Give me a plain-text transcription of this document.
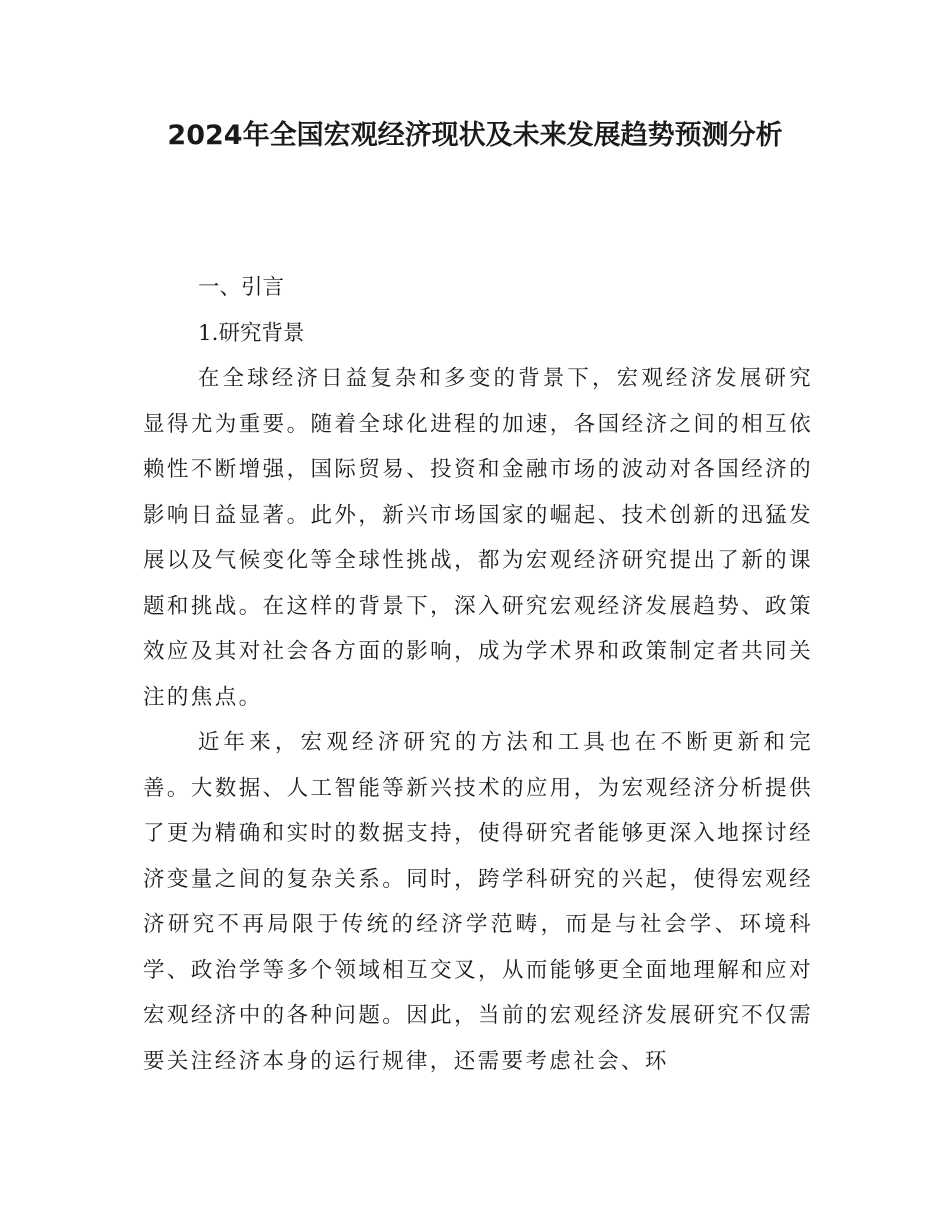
2024年全国宏观经济现状及未来发展趋势预测分析
一、引言
1.研究背景

在全球经济日益复杂和多变的背景下，宏观经济发展研究显得尤为重要。随着全球化进程的加速，各国经济之间的相互依赖性不断增强，国际贸易、投资和金融市场的波动对各国经济的影响日益显著。此外，新兴市场国家的崛起、技术创新的迅猛发展以及气候变化等全球性挑战，都为宏观经济研究提出了新的课题和挑战。在这样的背景下，深入研究宏观经济发展趋势、政策效应及其对社会各方面的影响，成为学术界和政策制定者共同关注的焦点。

近年来，宏观经济研究的方法和工具也在不断更新和完善。大数据、人工智能等新兴技术的应用，为宏观经济分析提供了更为精确和实时的数据支持，使得研究者能够更深入地探讨经济变量之间的复杂关系。同时，跨学科研究的兴起，使得宏观经济研究不再局限于传统的经济学范畴，而是与社会学、环境科学、政治学等多个领域相互交叉，从而能够更全面地理解和应对宏观经济中的各种问题。因此，当前的宏观经济发展研究不仅需要关注经济本身的运行规律，还需要考虑社会、环
